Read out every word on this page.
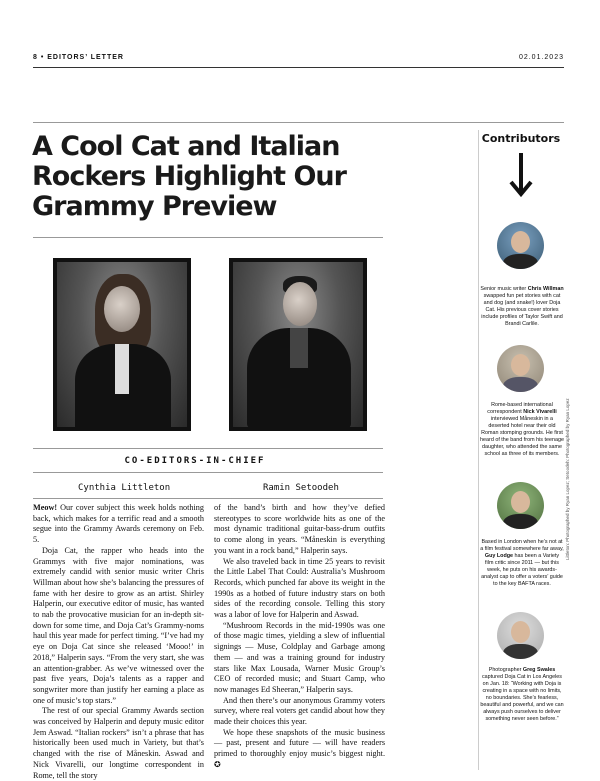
8 • EDITORS’ LETTER	02.01.2023
A Cool Cat and Italian Rockers Highlight Our Grammy Preview
CO-EDITORS-IN-CHIEF
Cynthia Littleton	Ramin Setoodeh

Meow! Our cover subject this week holds nothing back, which makes for a terrific read and a smooth segue into the Grammy Awards ceremony on Feb. 5.

Doja Cat, the rapper who heads into the Grammys with five major nominations, was extremely candid with senior music writer Chris Willman about how she’s balancing the pressures of fame with her desire to grow as an artist. Shirley Halperin, our executive editor of music, has wanted to nab the provocative musician for an in-depth sit-down for some time, and Doja Cat’s Grammy-noms haul this year made for perfect timing. “I’ve had my eye on Doja Cat since she released ‘Mooo!’ in 2018,” Halperin says. “From the very start, she was an attention-grabber. As we’ve witnessed over the past five years, Doja’s talents as a rapper and songwriter more than justify her earning a place as one of music’s top stars.”

The rest of our special Grammy Awards section was conceived by Halperin and deputy music editor Jem Aswad. “Italian rockers” isn’t a phrase that has historically been used much in Variety, but that’s changed with the rise of Måneskin. Aswad and Nick Vivarelli, our longtime correspondent in Rome, tell the story

of the band’s birth and how they’ve defied stereotypes to score worldwide hits as one of the most dynamic traditional guitar-bass-drum outfits to come along in years. “Måneskin is everything you want in a rock band,” Halperin says.

We also traveled back in time 25 years to revisit the Little Label That Could: Australia’s Mushroom Records, which punched far above its weight in the 1990s as a hotbed of future industry stars on both sides of the recording console. Telling this story was a labor of love for Halperin and Aswad.

“Mushroom Records in the mid-1990s was one of those magic times, yielding a slew of influential signings — Muse, Coldplay and Garbage among them — and was a training ground for industry stars like Max Lousada, Warner Music Group’s CEO of recorded music; and Stuart Camp, who now manages Ed Sheeran,” Halperin says.

And then there’s our anonymous Grammy voters survey, where real voters get candid about how they made their choices this year.

We hope these snapshots of the music business — past, present and future — will have readers primed to thoroughly enjoy music’s biggest night. ✪

Contributors
Senior music writer Chris Willman swapped fun pet stories with cat and dog (and snake!) lover Doja Cat. His previous cover stories include profiles of Taylor Swift and Brandi Carlile.
Rome-based international correspondent Nick Vivarelli interviewed Måneskin in a deserted hotel near their old Roman stomping grounds. He first heard of the band from his teenage daughter, who attended the same school as three of its members.
Based in London when he’s not at a film festival somewhere far away, Guy Lodge has been a Variety film critic since 2011 — but this week, he puts on his awards-analyst cap to offer a voters’ guide to the key BAFTA races.
Photographer Greg Swales captured Doja Cat in Los Angeles on Jan. 18: “Working with Doja is creating in a space with no limits, no boundaries. She’s fearless, beautiful and powerful, and we can always push ourselves to deliver something never seen before.”
Littleton: Photographed by Ryan Lopez; Setoodeh: Photographed by Ryan Lopez
